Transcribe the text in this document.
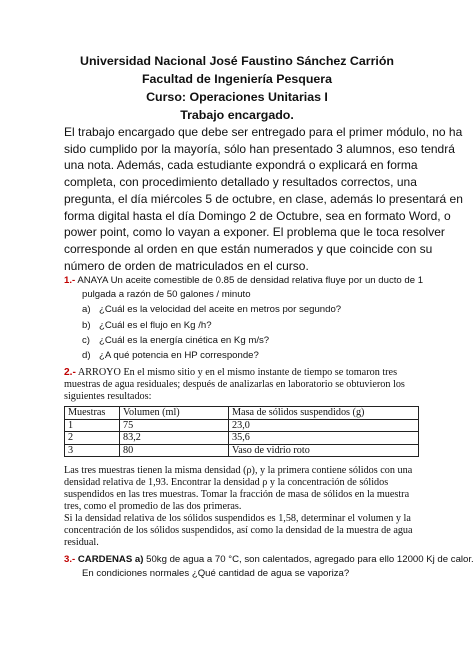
Universidad Nacional José Faustino Sánchez Carrión
Facultad de Ingeniería Pesquera
Curso: Operaciones Unitarias I
Trabajo encargado.

El trabajo encargado que debe ser entregado para el primer módulo, no ha
sido cumplido por la mayoría, sólo han presentado 3 alumnos, eso tendrá
una nota. Además, cada estudiante expondrá o explicará en forma
completa, con procedimiento detallado y resultados correctos, una
pregunta, el día miércoles 5 de octubre, en clase, además lo presentará en
forma digital hasta el día Domingo 2 de Octubre, sea en formato Word, o
power point, como lo vayan a exponer. El problema que le toca resolver
corresponde al orden en que están numerados y que coincide con su
número de orden de matriculados en el curso.

1.- ANAYA Un aceite comestible de 0.85 de densidad relativa fluye por un ducto de 1
pulgada a razón de 50 galones / minuto
a) ¿Cuál es la velocidad del aceite en metros por segundo?
b) ¿Cuál es el flujo en Kg /h?
c) ¿Cuál es la energía cinética en Kg m/s?
d) ¿A qué potencia en HP corresponde?
2.- ARROYO En el mismo sitio y en el mismo instante de tiempo se tomaron tres
muestras de agua residuales; después de analizarlas en laboratorio se obtuvieron los
siguientes resultados:
Muestras	Volumen (ml)	Masa de sólidos suspendidos (g)
1	75	23,0
2	83,2	35,6
3	80	Vaso de vidrio roto
Las tres muestras tienen la misma densidad (ρ), y la primera contiene sólidos con una
densidad relativa de 1,93. Encontrar la densidad ρ y la concentración de sólidos
suspendidos en las tres muestras. Tomar la fracción de masa de sólidos en la muestra
tres, como el promedio de las dos primeras.
Si la densidad relativa de los sólidos suspendidos es 1,58, determinar el volumen y la
concentración de los sólidos suspendidos, así como la densidad de la muestra de agua
residual.
3.- CARDENAS a) 50kg de agua a 70 °C, son calentados, agregado para ello 12000 Kj de calor.
En condiciones normales ¿Qué cantidad de agua se vaporiza?
